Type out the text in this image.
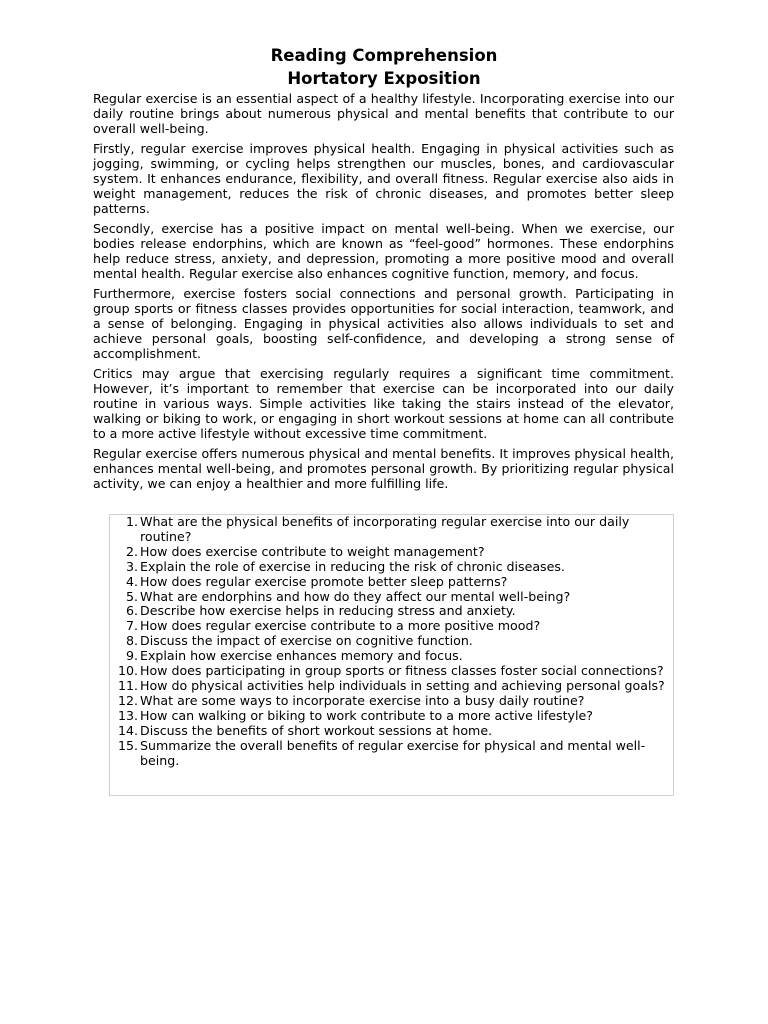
Reading Comprehension
Hortatory Exposition

Regular exercise is an essential aspect of a healthy lifestyle. Incorporating exercise into our daily routine brings about numerous physical and mental benefits that contribute to our overall well-being.

Firstly, regular exercise improves physical health. Engaging in physical activities such as jogging, swimming, or cycling helps strengthen our muscles, bones, and cardiovascular system. It enhances endurance, flexibility, and overall fitness. Regular exercise also aids in weight management, reduces the risk of chronic diseases, and promotes better sleep patterns.

Secondly, exercise has a positive impact on mental well-being. When we exercise, our bodies release endorphins, which are known as “feel-good” hormones. These endorphins help reduce stress, anxiety, and depression, promoting a more positive mood and overall mental health. Regular exercise also enhances cognitive function, memory, and focus.

Furthermore, exercise fosters social connections and personal growth. Participating in group sports or fitness classes provides opportunities for social interaction, teamwork, and a sense of belonging. Engaging in physical activities also allows individuals to set and achieve personal goals, boosting self-confidence, and developing a strong sense of accomplishment.

Critics may argue that exercising regularly requires a significant time commitment. However, it’s important to remember that exercise can be incorporated into our daily routine in various ways. Simple activities like taking the stairs instead of the elevator, walking or biking to work, or engaging in short workout sessions at home can all contribute to a more active lifestyle without excessive time commitment.

Regular exercise offers numerous physical and mental benefits. It improves physical health, enhances mental well-being, and promotes personal growth. By prioritizing regular physical activity, we can enjoy a healthier and more fulfilling life.

1. What are the physical benefits of incorporating regular exercise into our daily routine?
2. How does exercise contribute to weight management?
3. Explain the role of exercise in reducing the risk of chronic diseases.
4. How does regular exercise promote better sleep patterns?
5. What are endorphins and how do they affect our mental well-being?
6. Describe how exercise helps in reducing stress and anxiety.
7. How does regular exercise contribute to a more positive mood?
8. Discuss the impact of exercise on cognitive function.
9. Explain how exercise enhances memory and focus.
10. How does participating in group sports or fitness classes foster social connections?
11. How do physical activities help individuals in setting and achieving personal goals?
12. What are some ways to incorporate exercise into a busy daily routine?
13. How can walking or biking to work contribute to a more active lifestyle?
14. Discuss the benefits of short workout sessions at home.
15. Summarize the overall benefits of regular exercise for physical and mental well-being.
